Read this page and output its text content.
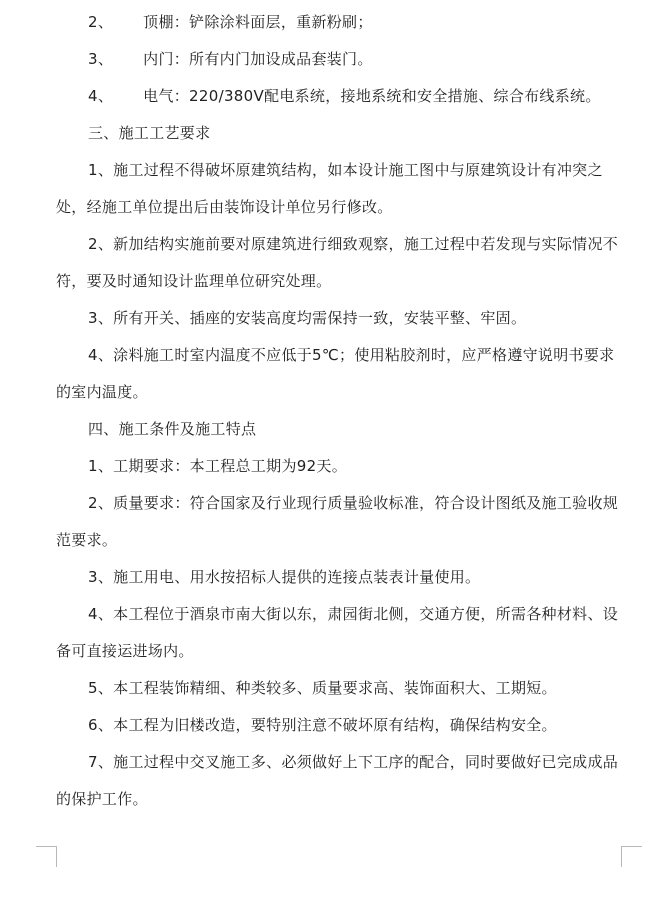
2、 顶棚：铲除涂料面层，重新粉刷；

3、 内门：所有内门加设成品套装门。

4、 电气：220/380V配电系统，接地系统和安全措施、综合布线系统。

三、施工工艺要求

1、施工过程不得破坏原建筑结构，如本设计施工图中与原建筑设计有冲突之处，经施工单位提出后由装饰设计单位另行修改。

2、新加结构实施前要对原建筑进行细致观察，施工过程中若发现与实际情况不符，要及时通知设计监理单位研究处理。

3、所有开关、插座的安装高度均需保持一致，安装平整、牢固。

4、涂料施工时室内温度不应低于5℃；使用粘胶剂时，应严格遵守说明书要求的室内温度。

四、施工条件及施工特点

1、工期要求：本工程总工期为92天。

2、质量要求：符合国家及行业现行质量验收标准，符合设计图纸及施工验收规范要求。

3、施工用电、用水按招标人提供的连接点装表计量使用。

4、本工程位于酒泉市南大街以东，肃园街北侧，交通方便，所需各种材料、设备可直接运进场内。

5、本工程装饰精细、种类较多、质量要求高、装饰面积大、工期短。

6、本工程为旧楼改造，要特别注意不破坏原有结构，确保结构安全。

7、施工过程中交叉施工多、必须做好上下工序的配合，同时要做好已完成成品的保护工作。
